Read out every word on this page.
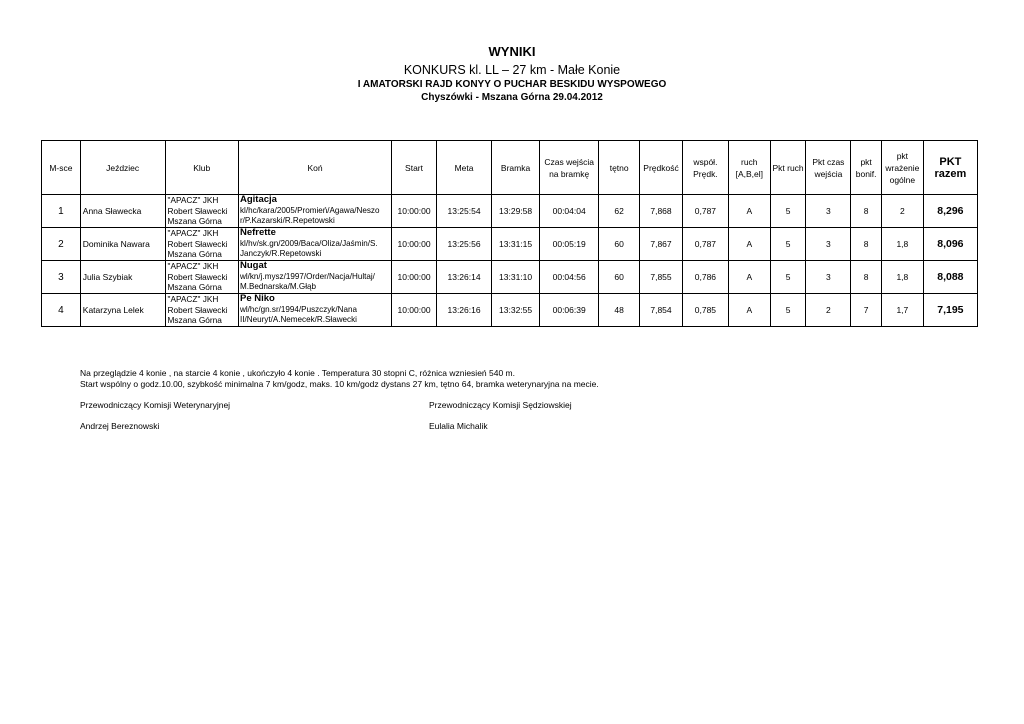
WYNIKI
KONKURS kl. LL – 27 km - Małe Konie
I AMATORSKI RAJD KONYY O PUCHAR BESKIDU WYSPOWEGO
Chyszówki - Mszana Górna 29.04.2012
M-sce	Jeździec	Klub	Koń	Start	Meta	Bramka	Czas wejścia na bramkę	tętno	Prędkość	współ. Prędk.	ruch [A,B,el]	Pkt ruch	Pkt czas wejścia	pkt bonif.	pkt wrażenie ogólne	PKT razem
1	Anna Sławecka	"APACZ" JKH
Robert Sławecki
Mszana Górna	Agitacja
kl/hc/kara/2005/Promień/Agawa/Neszo
r/P.Kazarski/R.Repetowski	10:00:00	13:25:54	13:29:58	00:04:04	62	7,868	0,787	A	5	3	8	2	8,296
2	Dominika Nawara	"APACZ" JKH
Robert Sławecki
Mszana Górna	Nefrette
kl/hv/sk.gn/2009/Baca/Oliza/Jaśmin/S.
Janczyk/R.Repetowski	10:00:00	13:25:56	13:31:15	00:05:19	60	7,867	0,787	A	5	3	8	1,8	8,096
3	Julia Szybiak	"APACZ" JKH
Robert Sławecki
Mszana Górna	Nugat
wl/kn/j.mysz/1997/Order/Nacja/Hultaj/
M.Bednarska/M.Głąb	10:00:00	13:26:14	13:31:10	00:04:56	60	7,855	0,786	A	5	3	8	1,8	8,088
4	Katarzyna Lelek	"APACZ" JKH
Robert Sławecki
Mszana Górna	Pe Niko
wl/hc/gn.sr/1994/Puszczyk/Nana
II/Neuryt/A.Nemecek/R.Sławecki	10:00:00	13:26:16	13:32:55	00:06:39	48	7,854	0,785	A	5	2	7	1,7	7,195
Na przeglądzie 4 konie , na starcie 4 konie , ukończyło 4 konie . Temperatura 30 stopni C, różnica wzniesień 540 m.
Start wspólny o godz.10.00, szybkość minimalna 7 km/godz, maks. 10 km/godz dystans 27 km, tętno 64, bramka weterynaryjna na mecie.
Przewodniczący Komisji Weterynaryjnej	Przewodniczący Komisji Sędziowskiej
Andrzej Bereznowski	Eulalia Michalik
